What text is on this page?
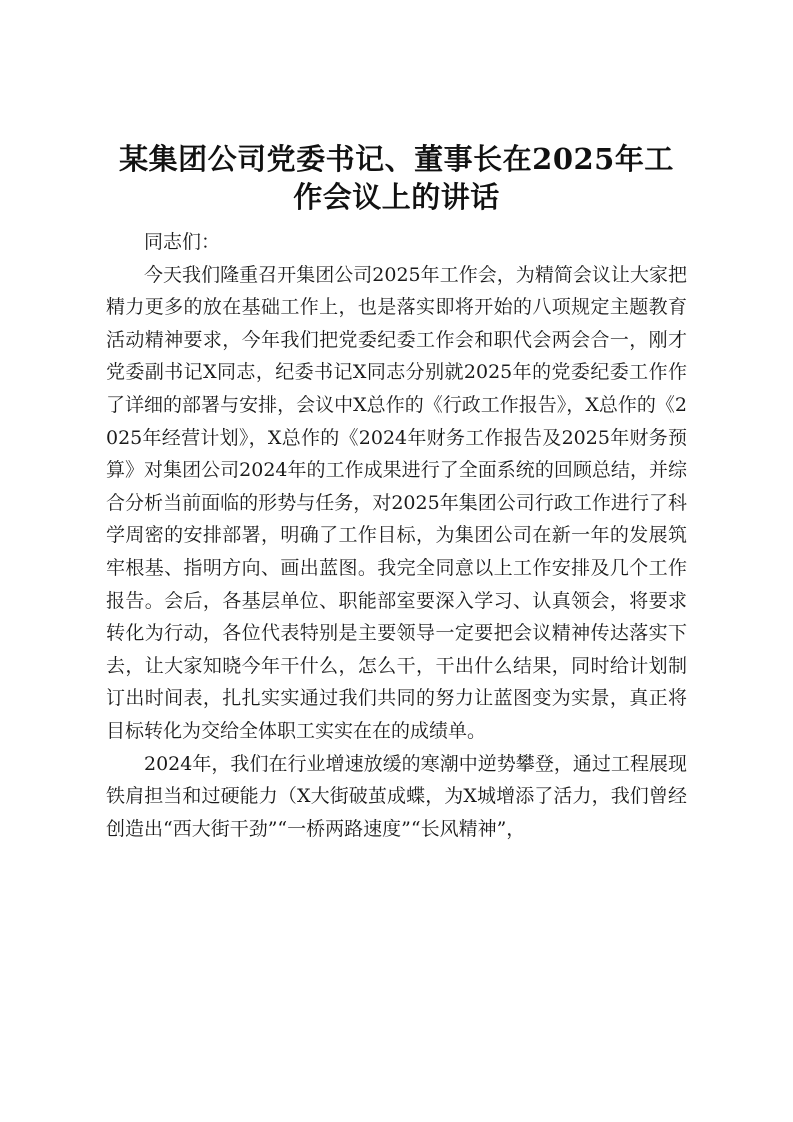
某集团公司党委书记、董事长在2025年工作会议上的讲话

同志们：

今天我们隆重召开集团公司2025年工作会，为精简会议让大家把精力更多的放在基础工作上，也是落实即将开始的八项规定主题教育活动精神要求，今年我们把党委纪委工作会和职代会两会合一，刚才党委副书记X同志，纪委书记X同志分别就2025年的党委纪委工作作了详细的部署与安排，会议中X总作的《行政工作报告》，X总作的《2025年经营计划》，X总作的《2024年财务工作报告及2025年财务预算》对集团公司2024年的工作成果进行了全面系统的回顾总结，并综合分析当前面临的形势与任务，对2025年集团公司行政工作进行了科学周密的安排部署，明确了工作目标，为集团公司在新一年的发展筑牢根基、指明方向、画出蓝图。我完全同意以上工作安排及几个工作报告。会后，各基层单位、职能部室要深入学习、认真领会，将要求转化为行动，各位代表特别是主要领导一定要把会议精神传达落实下去，让大家知晓今年干什么，怎么干，干出什么结果，同时给计划制订出时间表，扎扎实实通过我们共同的努力让蓝图变为实景，真正将目标转化为交给全体职工实实在在的成绩单。

2024年，我们在行业增速放缓的寒潮中逆势攀登，通过工程展现铁肩担当和过硬能力（X大街破茧成蝶，为X城增添了活力，我们曾经创造出“西大街干劲”“一桥两路速度”“长风精神”，
